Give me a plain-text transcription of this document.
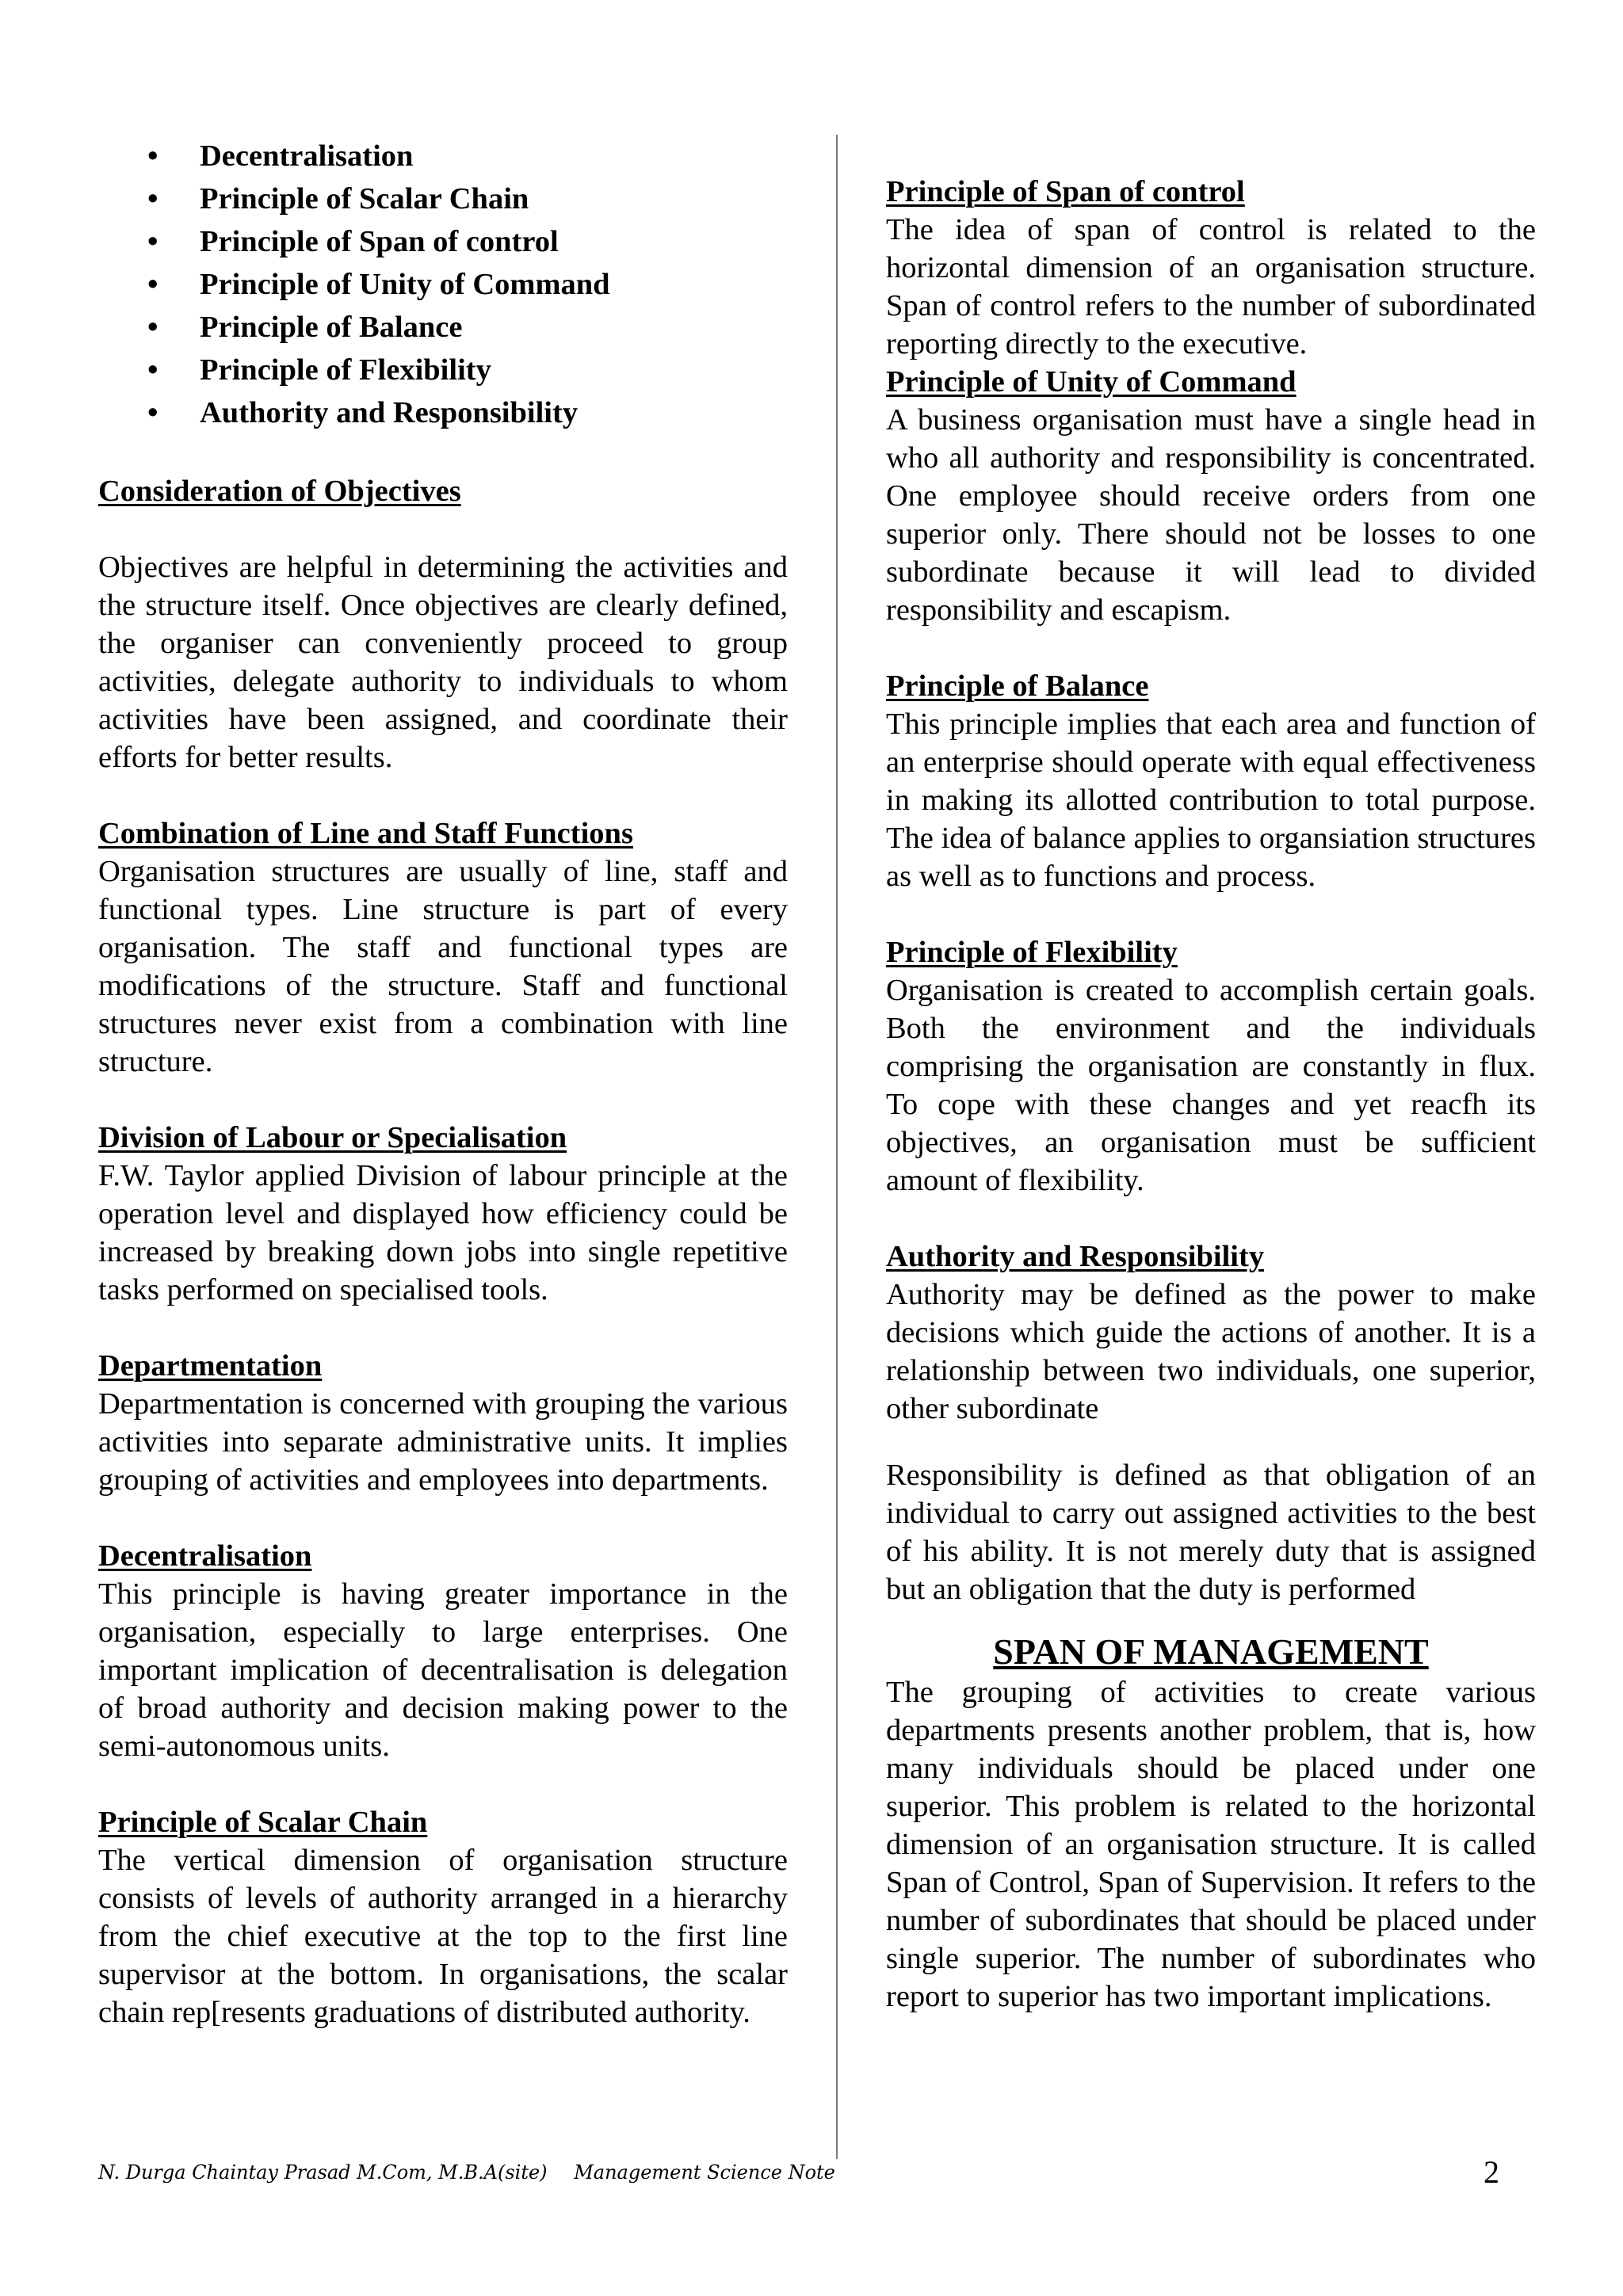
• Decentralisation
• Principle of Scalar Chain
• Principle of Span of control
• Principle of Unity of Command
• Principle of Balance
• Principle of Flexibility
• Authority and Responsibility
Consideration of Objectives

Objectives are helpful in determining the activities and the structure itself. Once objectives are clearly defined, the organiser can conveniently proceed to group activities, delegate authority to individuals to whom activities have been assigned, and coordinate their efforts for better results.

Combination of Line and Staff Functions

Organisation structures are usually of line, staff and functional types. Line structure is part of every organisation. The staff and functional types are modifications of the structure. Staff and functional structures never exist from a combination with line structure.

Division of Labour or Specialisation

F.W. Taylor applied Division of labour principle at the operation level and displayed how efficiency could be increased by breaking down jobs into single repetitive tasks performed on specialised tools.

Departmentation

Departmentation is concerned with grouping the various activities into separate administrative units. It implies grouping of activities and employees into departments.

Decentralisation

This principle is having greater importance in the organisation, especially to large enterprises. One important implication of decentralisation is delegation of broad authority and decision making power to the semi-autonomous units.

Principle of Scalar Chain

The vertical dimension of organisation structure consists of levels of authority arranged in a hierarchy from the chief executive at the top to the first line supervisor at the bottom. In organisations, the scalar chain rep[resents graduations of distributed authority.

Principle of Span of control

The idea of span of control is related to the horizontal dimension of an organisation structure. Span of control refers to the number of subordinated reporting directly to the executive.

Principle of Unity of Command

A business organisation must have a single head in who all authority and responsibility is concentrated. One employee should receive orders from one superior only. There should not be losses to one subordinate because it will lead to divided responsibility and escapism.

Principle of Balance

This principle implies that each area and function of an enterprise should operate with equal effectiveness in making its allotted contribution to total purpose. The idea of balance applies to organsiation structures as well as to functions and process.

Principle of Flexibility

Organisation is created to accomplish certain goals. Both the environment and the individuals comprising the organisation are constantly in flux. To cope with these changes and yet reacfh its objectives, an organisation must be sufficient amount of flexibility.

Authority and Responsibility

Authority may be defined as the power to make decisions which guide the actions of another. It is a relationship between two individuals, one superior, other subordinate

Responsibility is defined as that obligation of an individual to carry out assigned activities to the best of his ability. It is not merely duty that is assigned but an obligation that the duty is performed

SPAN OF MANAGEMENT

The grouping of activities to create various departments presents another problem, that is, how many individuals should be placed under one superior. This problem is related to the horizontal dimension of an organisation structure. It is called Span of Control, Span of Supervision. It refers to the number of subordinates that should be placed under single superior. The number of subordinates who report to superior has two important implications.

N. Durga Chaintay Prasad M.Com, M.B.A(site) Management Science Note	2
